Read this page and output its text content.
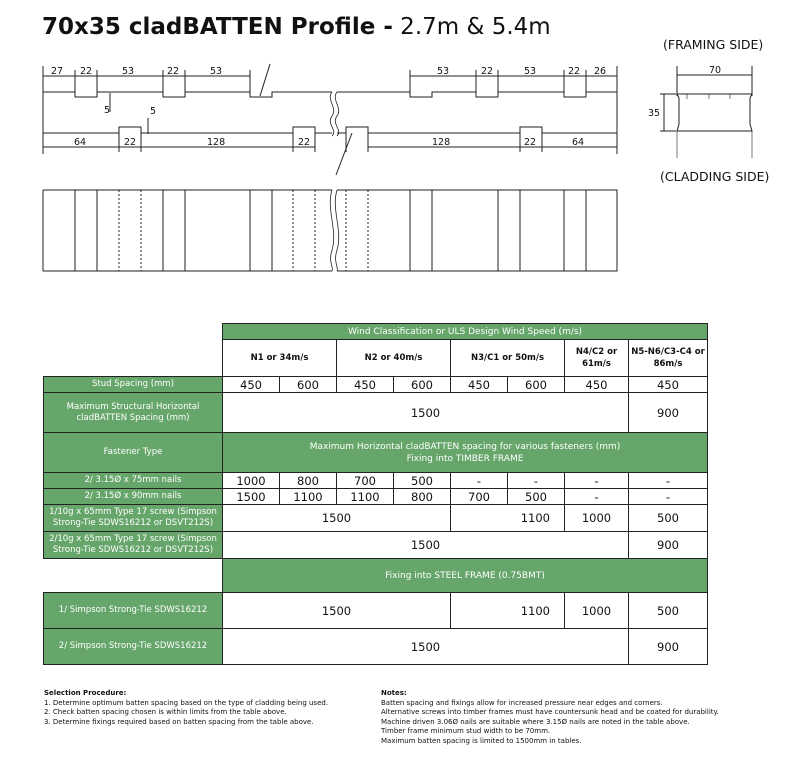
70x35 cladBATTEN Profile - 2.7m & 5.4m
(FRAMING SIDE)
(CLADDING SIDE)
27 22	53	22	53	53	22	53	22 26
5	5
64	22	128	22	128	22	64
70
35
	Wind Classification or ULS Design Wind Speed (m/s)							
	N1 or 34m/s		N2 or 40m/s		N3/C1 or 50m/s		N4/C2 or 61m/s	N5-N6/C3-C4 or 86m/s
Stud Spacing (mm)	450	600	450	600	450	600	450	450
Maximum Structural Horizontal cladBATTEN Spacing (mm)	1500							900
Fastener Type	Maximum Horizontal cladBATTEN spacing for various fasteners (mm)
Fixing into TIMBER FRAME							

2/ 3.15Ø x 75mm nails	1000	800	700	500	-	-	-	-
2/ 3.15Ø x 90mm nails	1500	1100	1100	800	700	500	-	-
1/10g x 65mm Type 17 screw (Simpson Strong-Tie SDWS16212 or DSVT212S)	1500				1100		1000	500
2/10g x 65mm Type 17 screw (Simpson Strong-Tie SDWS16212 or DSVT212S)	1500							900
	Fixing into STEEL FRAME (0.75BMT)							
1/ Simpson Strong-Tie SDWS16212	1500				1100		1000	500
2/ Simpson Strong-Tie SDWS16212	1500							900
Selection Procedure:
1. Determine optimum batten spacing based on the type of cladding being used.
2. Check batten spacing chosen is within limits from the table above.
3. Determine fixings required based on batten spacing from the table above.
Notes:
Batten spacing and fixings allow for increased pressure near edges and corners.
Alternative screws into timber frames must have countersunk head and be coated for durability.
Machine driven 3.06Ø nails are suitable where 3.15Ø nails are noted in the table above.
Timber frame minimum stud width to be 70mm.
Maximum batten spacing is limited to 1500mm in tables.
